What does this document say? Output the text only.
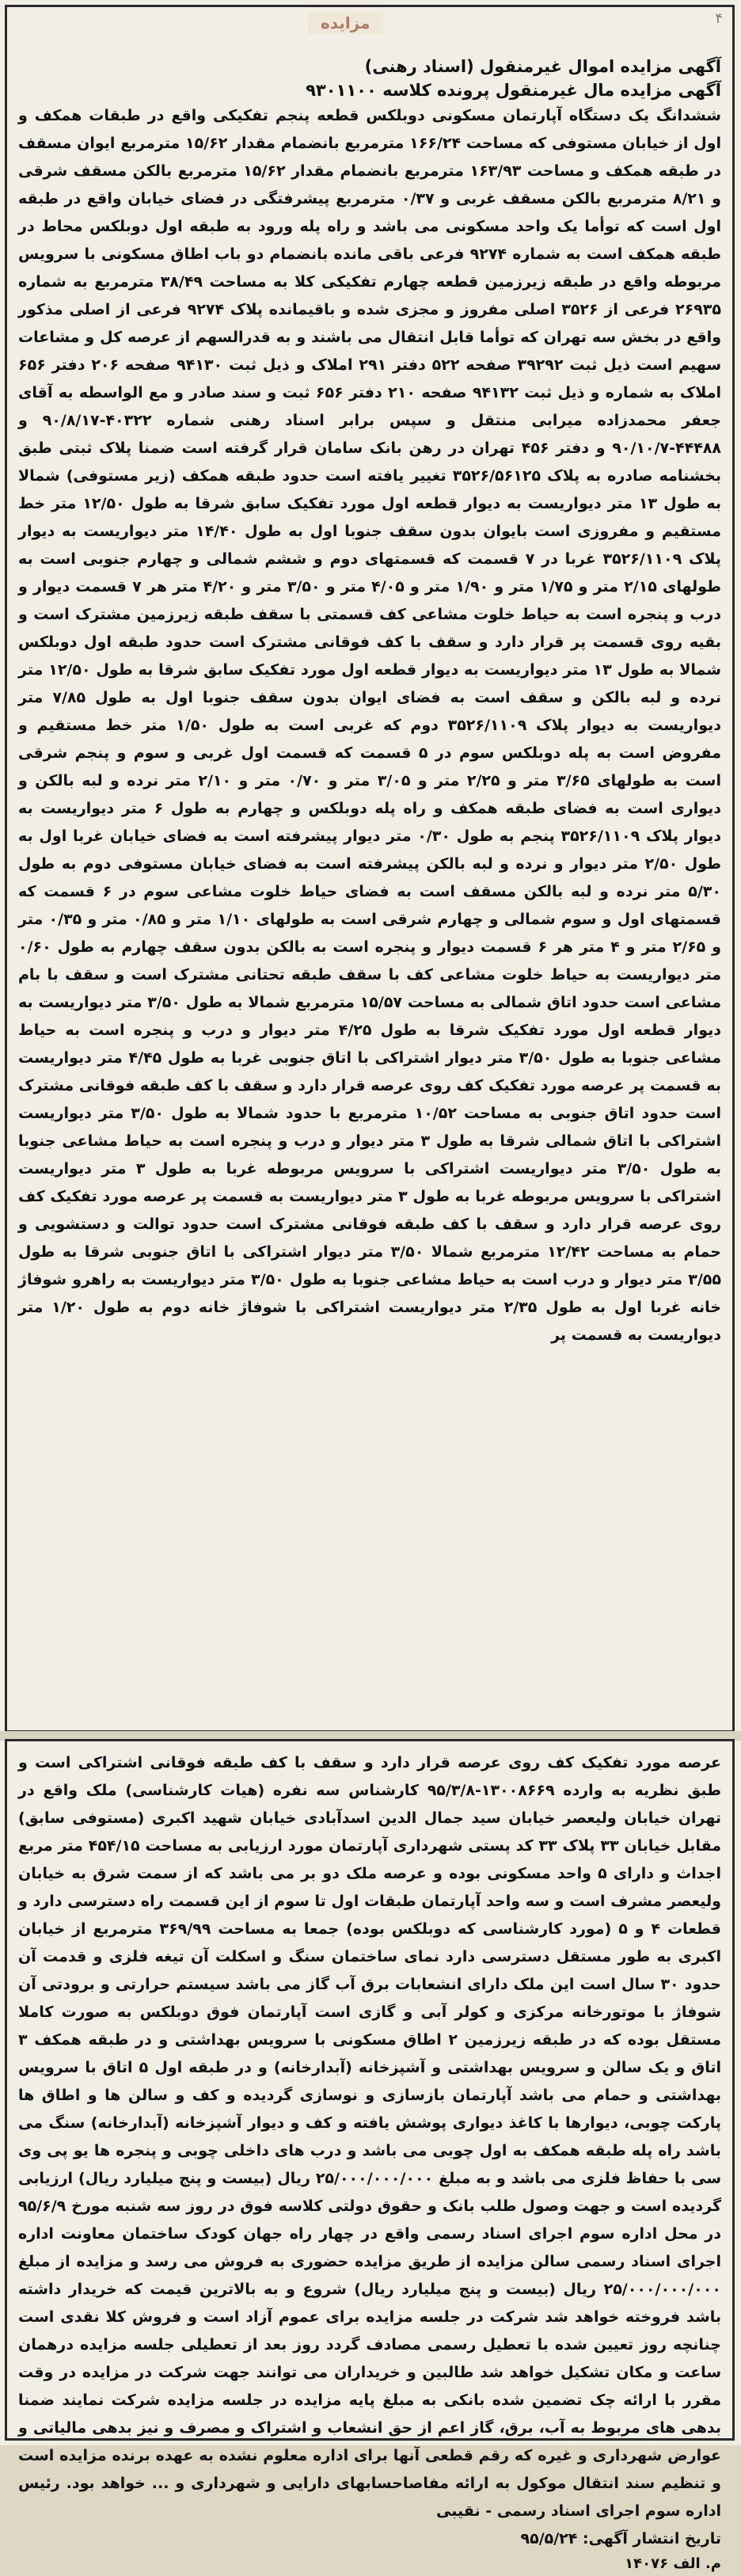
مزایده	۴
آگهی مزایده اموال غیرمنقول (اسناد رهنی)
آگهی مزایده مال غیرمنقول پرونده کلاسه ۹۳۰۱۱۰۰
ششدانگ یک دستگاه آپارتمان مسکونی دوبلکس قطعه پنجم تفکیکی واقع در طبقات همکف و اول از خیابان مستوفی که مساحت ۱۶۶/۲۴ مترمربع بانضمام مقدار ۱۵/۶۲ مترمربع ایوان مسقف در طبقه همکف و مساحت ۱۶۳/۹۳ مترمربع بانضمام مقدار ۱۵/۶۲ مترمربع بالکن مسقف شرقی و ۸/۲۱ مترمربع بالکن مسقف غربی و ۰/۳۷ مترمربع پیشرفتگی در فضای خیابان واقع در طبقه اول است که توأما یک واحد مسکونی می باشد و راه پله ورود به طبقه اول دوبلکس محاط در طبقه همکف است به شماره ۹۲۷۴ فرعی باقی مانده بانضمام دو باب اطاق مسکونی با سرویس مربوطه واقع در طبقه زیرزمین قطعه چهارم تفکیکی کلا به مساحت ۳۸/۴۹ مترمربع به شماره ۲۶۹۳۵ فرعی از ۳۵۲۶ اصلی مفروز و مجزی شده و باقیمانده پلاک ۹۲۷۴ فرعی از اصلی مذکور واقع در بخش سه تهران که توأما قابل انتقال می باشند و به قدرالسهم از عرصه کل و مشاعات سهیم است ذیل ثبت ۳۹۲۹۲ صفحه ۵۲۲ دفتر ۲۹۱ املاک و ذیل ثبت ۹۴۱۳۰ صفحه ۲۰۶ دفتر ۶۵۶ املاک به شماره و ذیل ثبت ۹۴۱۳۲ صفحه ۲۱۰ دفتر ۶۵۶ ثبت و سند صادر و مع الواسطه به آقای جعفر محمدزاده میرابی منتقل و سپس برابر اسناد رهنی شماره ۴۰۳۲۲-۹۰/۸/۱۷ و ۴۴۴۸۸-۹۰/۱۰/۷ و دفتر ۴۵۶ تهران در رهن بانک سامان قرار گرفته است ضمنا پلاک ثبتی طبق بخشنامه صادره به پلاک ۳۵۲۶/۵۶۱۲۵ تغییر یافته است حدود طبقه همکف (زیر مستوفی) شمالا به طول ۱۳ متر دیواریست به دیوار قطعه اول مورد تفکیک سابق شرقا به طول ۱۲/۵۰ متر خط مستقیم و مفروزی است بایوان بدون سقف جنوبا اول به طول ۱۴/۴۰ متر دیواریست به دیوار پلاک ۳۵۲۶/۱۱۰۹ غربا در ۷ قسمت که قسمتهای دوم و ششم شمالی و چهارم جنوبی است به طولهای ۲/۱۵ متر و ۱/۷۵ متر و ۱/۹۰ متر و ۴/۰۵ متر و ۳/۵۰ متر و ۴/۲۰ متر هر ۷ قسمت دیوار و درب و پنجره است به حیاط خلوت مشاعی کف قسمتی با سقف طبقه زیرزمین مشترک است و بقیه روی قسمت پر قرار دارد و سقف با کف فوقانی مشترک است حدود طبقه اول دوبلکس شمالا به طول ۱۳ متر دیواریست به دیوار قطعه اول مورد تفکیک سابق شرقا به طول ۱۲/۵۰ متر نرده و لبه بالکن و سقف است به فضای ایوان بدون سقف جنوبا اول به طول ۷/۸۵ متر دیواریست به دیوار پلاک ۳۵۲۶/۱۱۰۹ دوم که غربی است به طول ۱/۵۰ متر خط مستقیم و مفروض است به پله دوبلکس سوم در ۵ قسمت که قسمت اول غربی و سوم و پنجم شرقی است به طولهای ۳/۶۵ متر و ۲/۲۵ متر و ۳/۰۵ متر و ۰/۷۰ متر و ۲/۱۰ متر نرده و لبه بالکن و دیواری است به فضای طبقه همکف و راه پله دوبلکس و چهارم به طول ۶ متر دیواریست به دیوار پلاک ۳۵۲۶/۱۱۰۹ پنجم به طول ۰/۳۰ متر دیوار پیشرفته است به فضای خیابان غربا اول به طول ۲/۵۰ متر دیوار و نرده و لبه بالکن پیشرفته است به فضای خیابان مستوفی دوم به طول ۵/۳۰ متر نرده و لبه بالکن مسقف است به فضای حیاط خلوت مشاعی سوم در ۶ قسمت که قسمتهای اول و سوم شمالی و چهارم شرقی است به طولهای ۱/۱۰ متر و ۰/۸۵ متر و ۰/۳۵ متر و ۲/۶۵ متر و ۴ متر هر ۶ قسمت دیوار و پنجره است به بالکن بدون سقف چهارم به طول ۰/۶۰ متر دیواریست به حیاط خلوت مشاعی کف با سقف طبقه تحتانی مشترک است و سقف با بام مشاعی است حدود اتاق شمالی به مساحت ۱۵/۵۷ مترمربع شمالا به طول ۳/۵۰ متر دیواریست به دیوار قطعه اول مورد تفکیک شرقا به طول ۴/۲۵ متر دیوار و درب و پنجره است به حیاط مشاعی جنوبا به طول ۳/۵۰ متر دیوار اشتراکی با اتاق جنوبی غربا به طول ۴/۴۵ متر دیواریست به قسمت پر عرصه مورد تفکیک کف روی عرصه قرار دارد و سقف با کف طبقه فوقانی مشترک است حدود اتاق جنوبی به مساحت ۱۰/۵۲ مترمربع با حدود شمالا به طول ۳/۵۰ متر دیواریست اشتراکی با اتاق شمالی شرقا به طول ۳ متر دیوار و درب و پنجره است به حیاط مشاعی جنوبا به طول ۳/۵۰ متر دیواریست اشتراکی با سرویس مربوطه غربا به طول ۳ متر دیواریست اشتراکی با سرویس مربوطه غربا به طول ۳ متر دیواریست به قسمت پر عرصه مورد تفکیک کف روی عرصه قرار دارد و سقف با کف طبقه فوقانی مشترک است حدود توالت و دستشویی و حمام به مساحت ۱۲/۴۲ مترمربع شمالا ۳/۵۰ متر دیوار اشتراکی با اتاق جنوبی شرقا به طول ۳/۵۵ متر دیوار و درب است به حیاط مشاعی جنوبا به طول ۳/۵۰ متر دیواریست به راهرو شوفاژ خانه غربا اول به طول ۲/۳۵ متر دیواریست اشتراکی با شوفاژ خانه دوم به طول ۱/۲۰ متر دیواریست به قسمت پر
عرصه مورد تفکیک کف روی عرصه قرار دارد و سقف با کف طبقه فوقانی اشتراکی است و طبق نظریه به وارده ۱۳۰۰۸۶۶۹-۹۵/۳/۸ کارشناس سه نفره (هیات کارشناسی) ملک واقع در تهران خیابان ولیعصر خیابان سید جمال الدین اسدآبادی خیابان شهید اکبری (مستوفی سابق) مقابل خیابان ۳۳ پلاک ۳۳ کد پستی شهرداری آپارتمان مورد ارزیابی به مساحت ۴۵۴/۱۵ متر مربع اجداث و دارای ۵ واحد مسکونی بوده و عرصه ملک دو بر می باشد که از سمت شرق به خیابان ولیعصر مشرف است و سه واحد آپارتمان طبقات اول تا سوم از این قسمت راه دسترسی دارد و قطعات ۴ و ۵ (مورد کارشناسی که دوبلکس بوده) جمعا به مساحت ۳۶۹/۹۹ مترمربع از خیابان اکبری به طور مستقل دسترسی دارد نمای ساختمان سنگ و اسکلت آن تیغه فلزی و قدمت آن حدود ۳۰ سال است این ملک دارای انشعابات برق آب گاز می باشد سیستم حرارتی و برودتی آن شوفاژ با موتورخانه مرکزی و کولر آبی و گازی است آپارتمان فوق دوبلکس به صورت کاملا مستقل بوده که در طبقه زیرزمین ۲ اطاق مسکونی با سرویس بهداشتی و در طبقه همکف ۳ اتاق و یک سالن و سرویس بهداشتی و آشپزخانه (آبدارخانه) و در طبقه اول ۵ اتاق با سرویس بهداشتی و حمام می باشد آپارتمان بازسازی و نوسازی گردیده و کف و سالن ها و اطاق ها پارکت چوبی، دیوارها با کاغذ دیواری پوشش یافته و کف و دیوار آشپزخانه (آبدارخانه) سنگ می باشد راه پله طبقه همکف به اول چوبی می باشد و درب های داخلی چوبی و پنجره ها یو پی وی سی با حفاظ فلزی می باشد و به مبلغ ۲۵/۰۰۰/۰۰۰/۰۰۰ ریال (بیست و پنج میلیارد ریال) ارزیابی گردیده است و جهت وصول طلب بانک و حقوق دولتی کلاسه فوق در روز سه شنبه مورخ ۹۵/۶/۹ در محل اداره سوم اجرای اسناد رسمی واقع در چهار راه جهان کودک ساختمان معاونت اداره اجرای اسناد رسمی سالن مزایده از طریق مزایده حضوری به فروش می رسد و مزایده از مبلغ ۲۵/۰۰۰/۰۰۰/۰۰۰ ریال (بیست و پنج میلیارد ریال) شروع و به بالاترین قیمت که خریدار داشته باشد فروخته خواهد شد شرکت در جلسه مزایده برای عموم آزاد است و فروش کلا نقدی است چنانچه روز تعیین شده با تعطیل رسمی مصادف گردد روز بعد از تعطیلی جلسه مزایده درهمان ساعت و مکان تشکیل خواهد شد طالبین و خریداران می توانند جهت شرکت در مزایده در وقت مقرر با ارائه چک تضمین شده بانکی به مبلغ پایه مزایده در جلسه مزایده شرکت نمایند ضمنا بدهی های مربوط به آب، برق، گاز اعم از حق انشعاب و اشتراک و مصرف و نیز بدهی مالیاتی و عوارض شهرداری و غیره که رقم قطعی آنها برای اداره معلوم نشده به عهده برنده مزایده است و تنظیم سند انتقال موکول به ارائه مفاصاحسابهای دارایی و شهرداری و ... خواهد بود. رئیس اداره سوم اجرای اسناد رسمی - نقیبی
تاریخ انتشار آگهی: ۹۵/۵/۲۴
م. الف ۱۴۰۷۶
